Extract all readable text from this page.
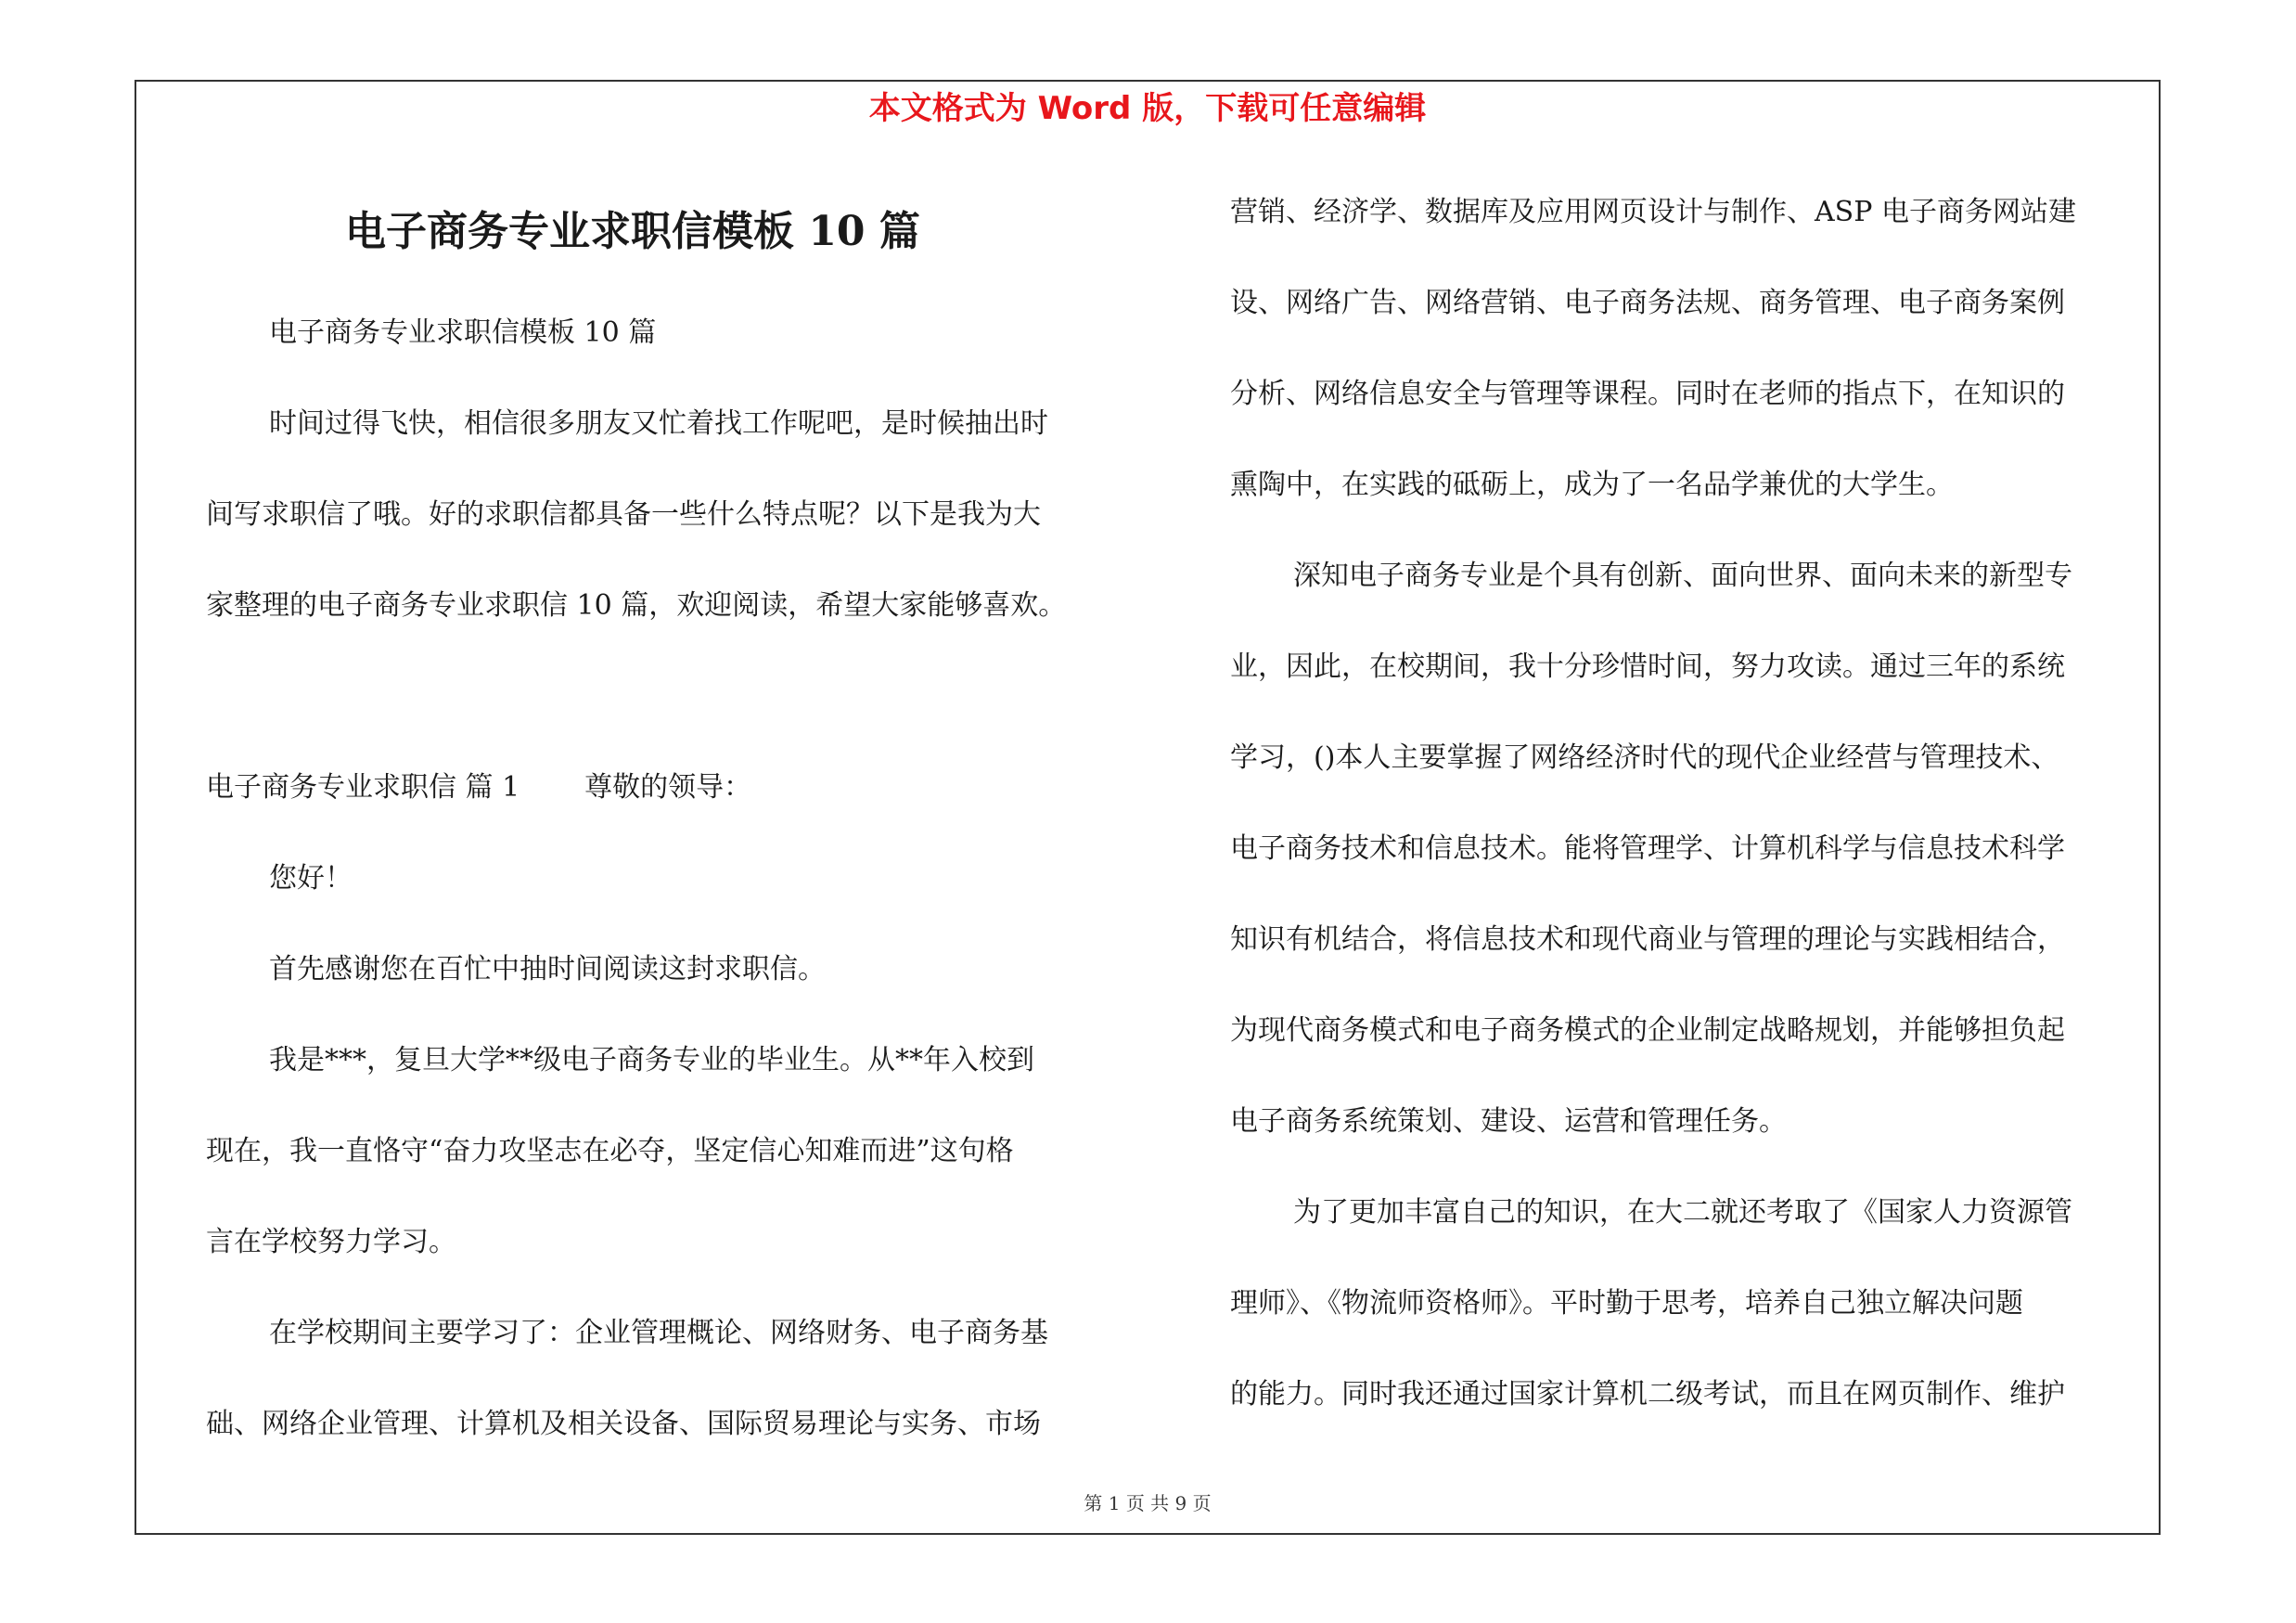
本文格式为 Word 版，下载可任意编辑
电子商务专业求职信模板 10 篇
电子商务专业求职信模板 10 篇
时间过得飞快，相信很多朋友又忙着找工作呢吧，是时候抽出时
间写求职信了哦。好的求职信都具备一些什么特点呢？以下是我为大
家整理的电子商务专业求职信 10 篇，欢迎阅读，希望大家能够喜欢。
电子商务专业求职信 篇 1 尊敬的领导：
您好！
首先感谢您在百忙中抽时间阅读这封求职信。
我是***，复旦大学**级电子商务专业的毕业生。从**年入校到
现在，我一直恪守“奋力攻坚志在必夺，坚定信心知难而进”这句格
言在学校努力学习。
在学校期间主要学习了：企业管理概论、网络财务、电子商务基
础、网络企业管理、计算机及相关设备、国际贸易理论与实务、市场
营销、经济学、数据库及应用网页设计与制作、ASP 电子商务网站建
设、网络广告、网络营销、电子商务法规、商务管理、电子商务案例
分析、网络信息安全与管理等课程。同时在老师的指点下，在知识的
熏陶中，在实践的砥砺上，成为了一名品学兼优的大学生。
深知电子商务专业是个具有创新、面向世界、面向未来的新型专
业，因此，在校期间，我十分珍惜时间，努力攻读。通过三年的系统
学习，()本人主要掌握了网络经济时代的现代企业经营与管理技术、
电子商务技术和信息技术。能将管理学、计算机科学与信息技术科学
知识有机结合，将信息技术和现代商业与管理的理论与实践相结合，
为现代商务模式和电子商务模式的企业制定战略规划，并能够担负起
电子商务系统策划、建设、运营和管理任务。
为了更加丰富自己的知识，在大二就还考取了《国家人力资源管
理师》、《物流师资格师》。平时勤于思考，培养自己独立解决问题
的能力。同时我还通过国家计算机二级考试，而且在网页制作、维护
第 1 页 共 9 页
